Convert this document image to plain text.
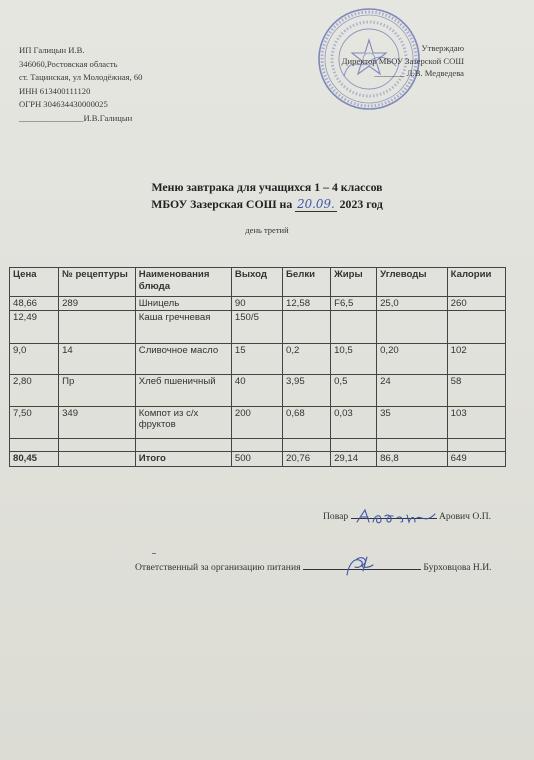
ИП Галицын И.В.
346060,Ростовская область
ст. Тацинская, ул Молодёжная, 60
ИНН 613400111120
ОГРН 304634430000025
_______________И.В.Галицын
Утверждаю
Директор МБОУ Зазерской СОШ
_______ Л.В. Медведева
Меню завтрака для учащихся 1 – 4 классов
МБОУ Зазерская СОШ на 20.09. 2023 год
день третий
Цена	№ рецептуры	Наименования блюда	Выход	Белки	Жиры	Углеводы	Калории
48,66	289	Шницель	90	12,58	F6,5	25,0	260
12,49		Каша гречневая	150/5				
9,0	14	Сливочное масло	15	0,2	10,5	0,20	102
2,80	Пр	Хлеб пшеничный	40	3,95	0,5	24	58
7,50	349	Компот из с/х фруктов	200	0,68	0,03	35	103

80,45		Итого	500	20,76	29,14	86,8	649
Повар	Арович О.П.
Ответственный за организацию питания	Бурховцова Н.И.
